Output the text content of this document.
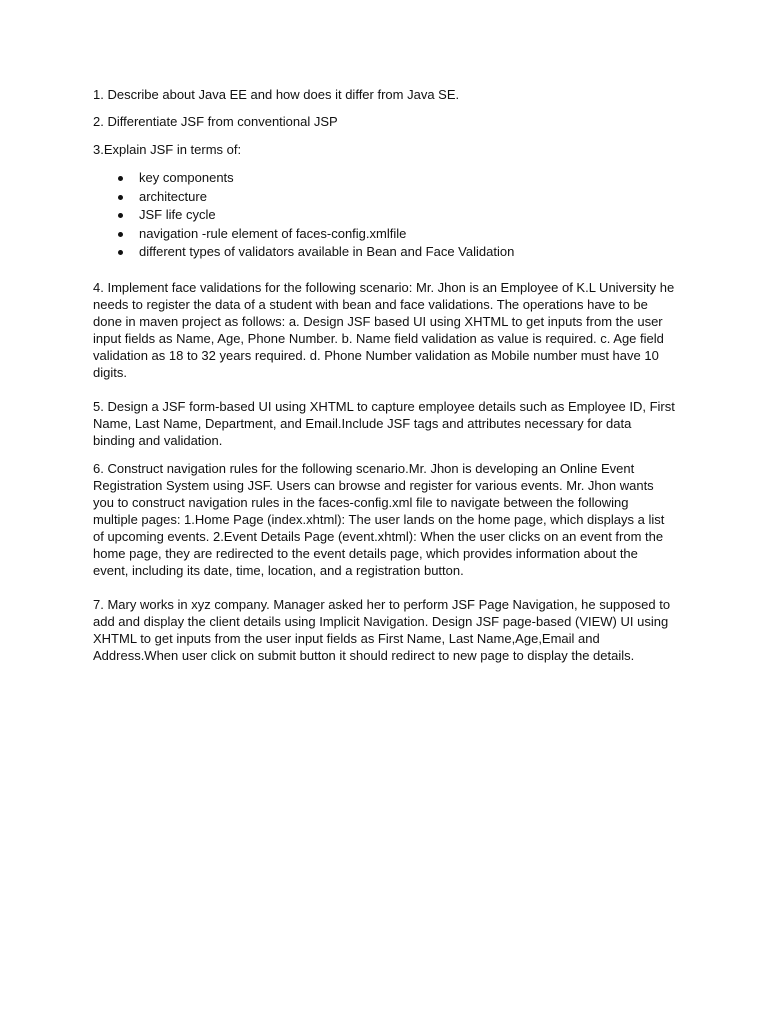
1. Describe about Java EE and how does it differ from Java SE.

2. Differentiate JSF from conventional JSP

3.Explain JSF in terms of:

key components
architecture
JSF life cycle
navigation -rule element of faces-config.xmlfile
different types of validators available in Bean and Face Validation

4. Implement face validations for the following scenario: Mr. Jhon is an Employee of K.L University he needs to register the data of a student with bean and face validations. The operations have to be done in maven project as follows: a. Design JSF based UI using XHTML to get inputs from the user input fields as Name, Age, Phone Number. b. Name field validation as value is required. c. Age field validation as 18 to 32 years required. d. Phone Number validation as Mobile number must have 10 digits.

5. Design a JSF form-based UI using XHTML to capture employee details such as Employee ID, First Name, Last Name, Department, and Email.Include JSF tags and attributes necessary for data binding and validation.

6. Construct navigation rules for the following scenario.Mr. Jhon is developing an Online Event Registration System using JSF. Users can browse and register for various events. Mr. Jhon wants you to construct navigation rules in the faces-config.xml file to navigate between the following multiple pages: 1.Home Page (index.xhtml): The user lands on the home page, which displays a list of upcoming events. 2.Event Details Page (event.xhtml): When the user clicks on an event from the home page, they are redirected to the event details page, which provides information about the event, including its date, time, location, and a registration button.

7. Mary works in xyz company. Manager asked her to perform JSF Page Navigation, he supposed to add and display the client details using Implicit Navigation. Design JSF page-based (VIEW) UI using XHTML to get inputs from the user input fields as First Name, Last Name,Age,Email and Address.When user click on submit button it should redirect to new page to display the details.
